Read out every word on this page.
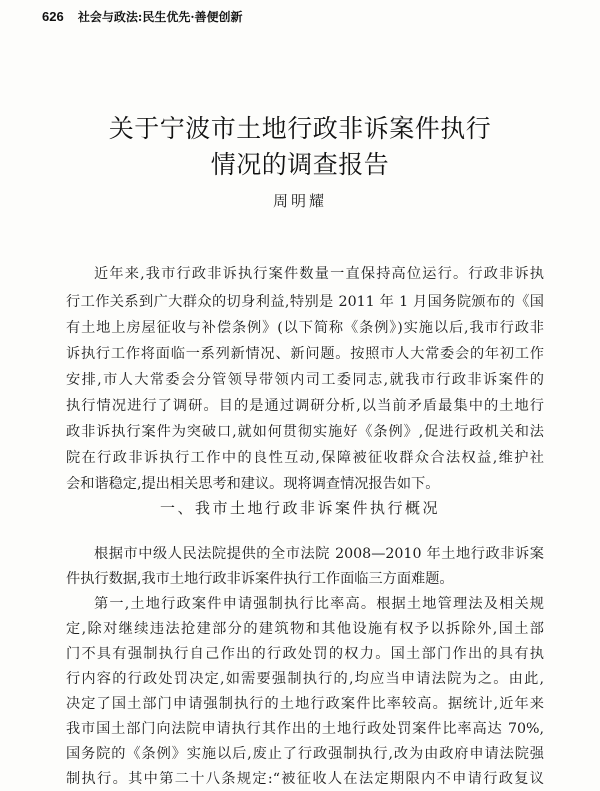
626 社会与政法:民生优先·善便创新
关于宁波市土地行政非诉案件执行
情况的调查报告
周明耀
近年来,我市行政非诉执行案件数量一直保持高位运行。行政非诉执
行工作关系到广大群众的切身利益,特别是 2011 年 1 月国务院颁布的《国
有土地上房屋征收与补偿条例》(以下简称《条例》)实施以后,我市行政非
诉执行工作将面临一系列新情况、新问题。按照市人大常委会的年初工作
安排,市人大常委会分管领导带领内司工委同志,就我市行政非诉案件的
执行情况进行了调研。目的是通过调研分析,以当前矛盾最集中的土地行
政非诉执行案件为突破口,就如何贯彻实施好《条例》,促进行政机关和法
院在行政非诉执行工作中的良性互动,保障被征收群众合法权益,维护社
会和谐稳定,提出相关思考和建议。现将调查情况报告如下。
一、我市土地行政非诉案件执行概况
根据市中级人民法院提供的全市法院 2008—2010 年土地行政非诉案
件执行数据,我市土地行政非诉案件执行工作面临三方面难题。
第一,土地行政案件申请强制执行比率高。根据土地管理法及相关规
定,除对继续违法抢建部分的建筑物和其他设施有权予以拆除外,国土部
门不具有强制执行自己作出的行政处罚的权力。国土部门作出的具有执
行内容的行政处罚决定,如需要强制执行的,均应当申请法院为之。由此,
决定了国土部门申请强制执行的土地行政案件比率较高。据统计,近年来
我市国土部门向法院申请执行其作出的土地行政处罚案件比率高达 70%,
国务院的《条例》实施以后,废止了行政强制执行,改为由政府申请法院强
制执行。其中第二十八条规定:“被征收人在法定期限内不申请行政复议
